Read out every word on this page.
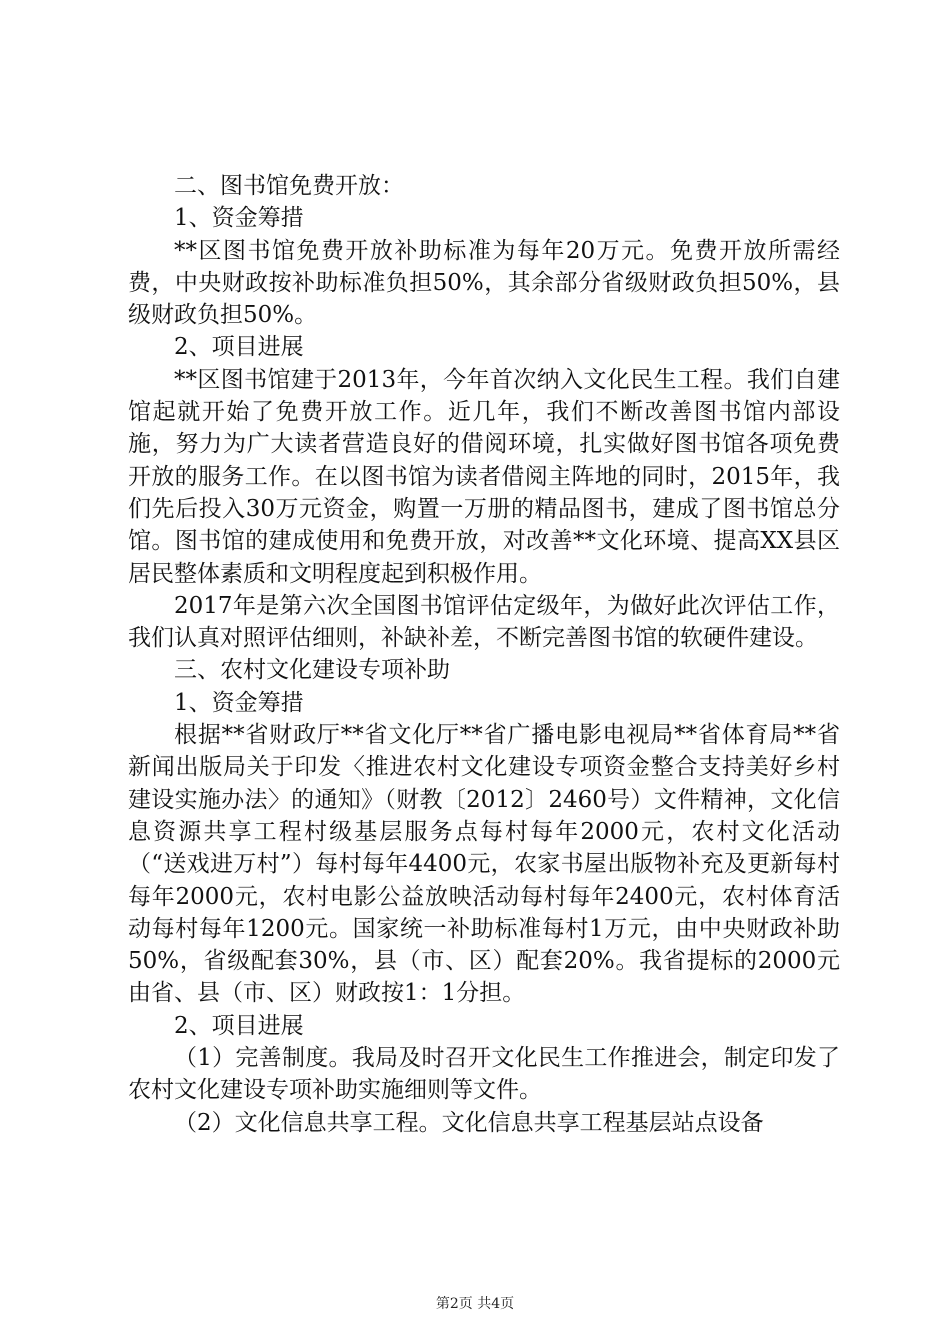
二、图书馆免费开放：

1、资金筹措

**区图书馆免费开放补助标准为每年20万元。免费开放所需经费，中央财政按补助标准负担50%，其余部分省级财政负担50%，县级财政负担50%。

2、项目进展

**区图书馆建于2013年，今年首次纳入文化民生工程。我们自建馆起就开始了免费开放工作。近几年，我们不断改善图书馆内部设施，努力为广大读者营造良好的借阅环境，扎实做好图书馆各项免费开放的服务工作。在以图书馆为读者借阅主阵地的同时，2015年，我们先后投入30万元资金，购置一万册的精品图书，建成了图书馆总分馆。图书馆的建成使用和免费开放，对改善**文化环境、提高XX县区居民整体素质和文明程度起到积极作用。

2017年是第六次全国图书馆评估定级年，为做好此次评估工作，我们认真对照评估细则，补缺补差，不断完善图书馆的软硬件建设。

三、农村文化建设专项补助

1、资金筹措

根据**省财政厅**省文化厅**省广播电影电视局**省体育局**省新闻出版局关于印发〈推进农村文化建设专项资金整合支持美好乡村建设实施办法〉的通知》（财教〔2012〕2460号）文件精神，文化信息资源共享工程村级基层服务点每村每年2000元，农村文化活动（“送戏进万村”）每村每年4400元，农家书屋出版物补充及更新每村每年2000元，农村电影公益放映活动每村每年2400元，农村体育活动每村每年1200元。国家统一补助标准每村1万元，由中央财政补助50%，省级配套30%，县（市、区）配套20%。我省提标的2000元由省、县（市、区）财政按1：1分担。

2、项目进展

（1）完善制度。我局及时召开文化民生工作推进会，制定印发了农村文化建设专项补助实施细则等文件。

（2）文化信息共享工程。文化信息共享工程基层站点设备

第2页 共4页
